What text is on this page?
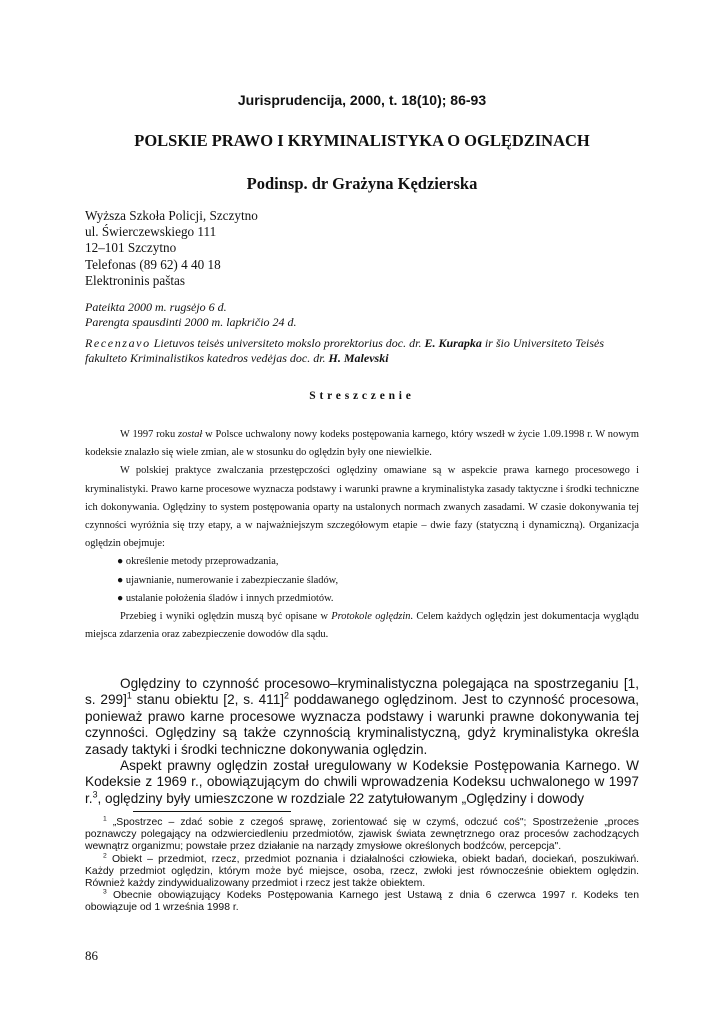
Jurisprudencija, 2000, t. 18(10); 86-93
POLSKIE PRAWO I KRYMINALISTYKA O OGLĘDZINACH
Podinsp. dr Grażyna Kędzierska
Wyższa Szkoła Policji, Szczytno
ul. Świerczewskiego 111
12–101 Szczytno
Telefonas (89 62) 4 40 18
Elektroninis paštas
Pateikta 2000 m. rugsėjo 6 d.
Parengta spausdinti 2000 m. lapkričio 24 d.
Recenzavo Lietuvos teisės universiteto mokslo prorektorius doc. dr. E. Kurapka ir šio Universiteto Teisės fakulteto Kriminalistikos katedros vedėjas doc. dr. H. Malevski
Streszczenie

W 1997 roku został w Polsce uchwalony nowy kodeks postępowania karnego, który wszedł w życie 1.09.1998 r. W nowym kodeksie znalazło się wiele zmian, ale w stosunku do oględzin były one niewielkie.

W polskiej praktyce zwalczania przestępczości oględziny omawiane są w aspekcie prawa karnego procesowego i kryminalistyki. Prawo karne procesowe wyznacza podstawy i warunki prawne a kryminalistyka zasady taktyczne i środki techniczne ich dokonywania. Oględziny to system postępowania oparty na ustalonych normach zwanych zasadami. W czasie dokonywania tej czynności wyróżnia się trzy etapy, a w najważniejszym szczegółowym etapie – dwie fazy (statyczną i dynamiczną). Organizacja oględzin obejmuje:

● określenie metody przeprowadzania,

● ujawnianie, numerowanie i zabezpieczanie śladów,

● ustalanie położenia śladów i innych przedmiotów.

Przebieg i wyniki oględzin muszą być opisane w Protokole oględzin. Celem każdych oględzin jest dokumentacja wyglądu miejsca zdarzenia oraz zabezpieczenie dowodów dla sądu.

Oględziny to czynność procesowo–kryminalistyczna polegająca na spostrzeganiu [1, s. 299]$^1$ stanu obiektu [2, s. 411]$^2$ poddawanego oględzinom. Jest to czynność procesowa, ponieważ prawo karne procesowe wyznacza podstawy i warunki prawne dokonywania tej czynności. Oględziny są także czynnością kryminalistyczną, gdyż kryminalistyka określa zasady taktyki i środki techniczne dokonywania oględzin.

Aspekt prawny oględzin został uregulowany w Kodeksie Postępowania Karnego. W Kodeksie z 1969 r., obowiązującym do chwili wprowadzenia Kodeksu uchwalonego w 1997 r.$^3$, oględziny były umieszczone w rozdziale 22 zatytułowanym „Oględziny i dowody

$^1$ „Spostrzec – zdać sobie z czegoś sprawę, zorientować się w czymś, odczuć coś"; Spostrzeżenie „proces poznawczy polegający na odzwierciedleniu przedmiotów, zjawisk świata zewnętrznego oraz procesów zachodzących wewnątrz organizmu; powstałe przez działanie na narządy zmysłowe określonych bodźców, percepcja".

$^2$ Obiekt – przedmiot, rzecz, przedmiot poznania i działalności człowieka, obiekt badań, dociekań, poszukiwań. Każdy przedmiot oględzin, którym może być miejsce, osoba, rzecz, zwłoki jest równocześnie obiektem oględzin. Również każdy zindywidualizowany przedmiot i rzecz jest także obiektem.

$^3$ Obecnie obowiązujący Kodeks Postępowania Karnego jest Ustawą z dnia 6 czerwca 1997 r. Kodeks ten obowiązuje od 1 września 1998 r.

86
